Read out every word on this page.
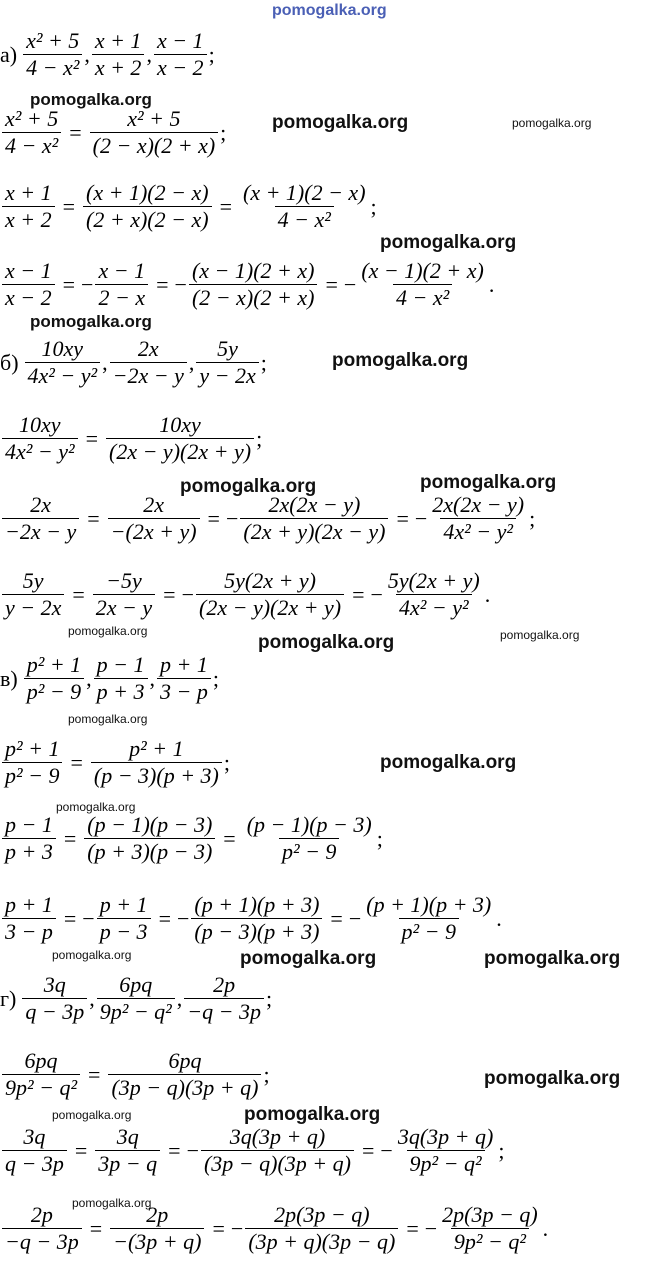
pomogalka.org
pomogalka.org
pomogalka.org	pomogalka.org
pomogalka.org
pomogalka.org
pomogalka.org
pomogalka.org	pomogalka.org
pomogalka.org
pomogalka.org	pomogalka.org
pomogalka.org
pomogalka.org
pomogalka.org
pomogalka.org	pomogalka.org	pomogalka.org
pomogalka.org
pomogalka.org	pomogalka.org
pomogalka.org
$а) \frac{\text{x² + 5}}{\text{4 − x²}}$ , $\frac{x + 1}{x + 2}$ , $\frac{x - 1}{x - 2}$ ;
$\frac{\text{x² + 5}}{\text{4 − x²}} = \frac{\text{x² + 5}}{(2 - x)(2 + x)}$ ;
$\frac{x + 1}{x + 2} = \frac{(x + 1)(2 - x)}{(2 + x)(2 - x)} = \frac{(x + 1)(2 - x)}{\text{4 − x²}}$ ;
$\frac{x - 1}{x - 2}$ = − $\frac{x - 1}{2 - x}$ = − $\frac{(x - 1)(2 + x)}{(2 - x)(2 + x)}$ = − $\frac{(x - 1)(2 + x)}{\text{4 − x²}}$ .
$б) \frac{10xy}{\text{4x² − y²}}$ , $\frac{2x}{-2x - y}$ , $\frac{5y}{y - 2x}$ ;
$\frac{10xy}{\text{4x² − y²}} = \frac{10xy}{(2x - y)(2x + y)}$ ;
$\frac{2x}{-2x - y} = \frac{2x}{-(2x + y)}$ = − $\frac{2x(2x - y)}{(2x + y)(2x - y)}$ = − $\frac{2x(2x - y)}{\text{4x² − y²}}$ ;
$\frac{5y}{y - 2x} = \frac{-5y}{2x - y}$ = − $\frac{5y(2x + y)}{(2x - y)(2x + y)}$ = − $\frac{5y(2x + y)}{\text{4x² − y²}}$ .
$в) \frac{\text{p² + 1}}{\text{p² − 9}}$ , $\frac{p - 1}{p + 3}$ , $\frac{p + 1}{3 - p}$ ;
$\frac{\text{p² + 1}}{\text{p² − 9}} = \frac{\text{p² + 1}}{(p - 3)(p + 3)}$ ;
$\frac{p - 1}{p + 3} = \frac{(p - 1)(p - 3)}{(p + 3)(p - 3)} = \frac{(p - 1)(p - 3)}{\text{p² − 9}}$ ;
$\frac{p + 1}{3 - p}$ = − $\frac{p + 1}{p - 3}$ = − $\frac{(p + 1)(p + 3)}{(p - 3)(p + 3)}$ = − $\frac{(p + 1)(p + 3)}{\text{p² − 9}}$ .
$г) \frac{3q}{q - 3p}$ , $\frac{6pq}{\text{9p² − q²}}$ , $\frac{2p}{-q - 3p}$ ;
$\frac{6pq}{\text{9p² − q²}} = \frac{6pq}{(3p - q)(3p + q)}$ ;
$\frac{3q}{q - 3p} = \frac{3q}{3p - q}$ = − $\frac{3q(3p + q)}{(3p - q)(3p + q)}$ = − $\frac{3q(3p + q)}{\text{9p² − q²}}$ ;
$\frac{2p}{-q - 3p} = \frac{2p}{-(3p + q)}$ = − $\frac{2p(3p - q)}{(3p + q)(3p - q)}$ = − $\frac{2p(3p - q)}{\text{9p² − q²}}$ .
